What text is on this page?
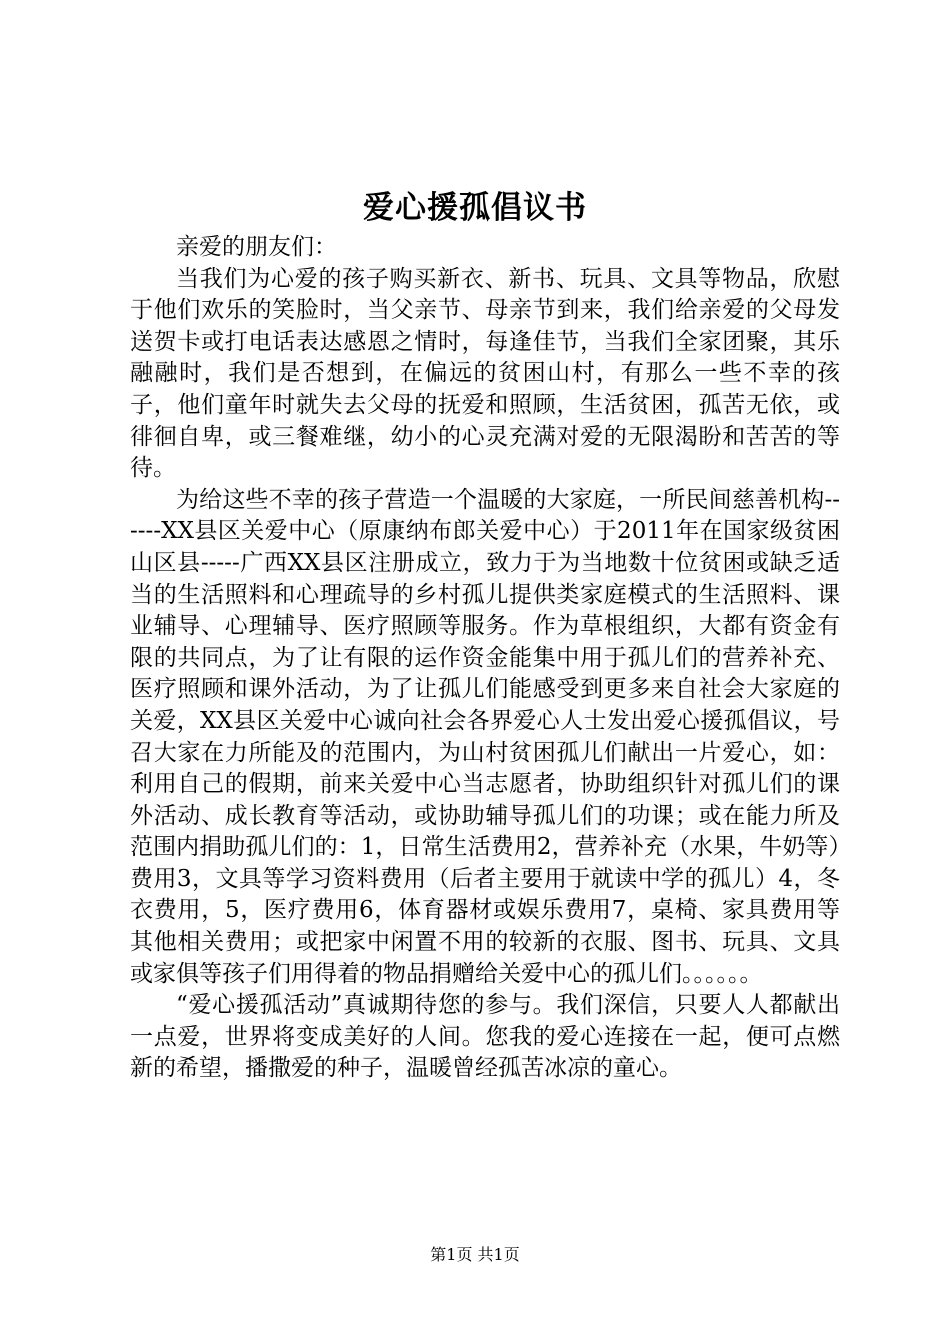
爱心援孤倡议书

亲爱的朋友们：

当我们为心爱的孩子购买新衣、新书、玩具、文具等物品，欣慰于他们欢乐的笑脸时，当父亲节、母亲节到来，我们给亲爱的父母发送贺卡或打电话表达感恩之情时，每逢佳节，当我们全家团聚，其乐融融时，我们是否想到，在偏远的贫困山村，有那么一些不幸的孩子，他们童年时就失去父母的抚爱和照顾，生活贫困，孤苦无依，或徘徊自卑，或三餐难继，幼小的心灵充满对爱的无限渴盼和苦苦的等待。

为给这些不幸的孩子营造一个温暖的大家庭，一所民间慈善机构------XX县区关爱中心（原康纳布郎关爱中心）于2011年在国家级贫困山区县-----广西XX县区注册成立，致力于为当地数十位贫困或缺乏适当的生活照料和心理疏导的乡村孤儿提供类家庭模式的生活照料、课业辅导、心理辅导、医疗照顾等服务。作为草根组织，大都有资金有限的共同点，为了让有限的运作资金能集中用于孤儿们的营养补充、医疗照顾和课外活动，为了让孤儿们能感受到更多来自社会大家庭的关爱，XX县区关爱中心诚向社会各界爱心人士发出爱心援孤倡议，号召大家在力所能及的范围内，为山村贫困孤儿们献出一片爱心，如：利用自己的假期，前来关爱中心当志愿者，协助组织针对孤儿们的课外活动、成长教育等活动，或协助辅导孤儿们的功课；或在能力所及范围内捐助孤儿们的：1，日常生活费用2，营养补充（水果，牛奶等）费用3，文具等学习资料费用（后者主要用于就读中学的孤儿）4，冬衣费用，5，医疗费用6，体育器材或娱乐费用7，桌椅、家具费用等其他相关费用；或把家中闲置不用的较新的衣服、图书、玩具、文具或家俱等孩子们用得着的物品捐赠给关爱中心的孤儿们。。。。。。

“爱心援孤活动”真诚期待您的参与。我们深信，只要人人都献出一点爱，世界将变成美好的人间。您我的爱心连接在一起，便可点燃新的希望，播撒爱的种子，温暖曾经孤苦冰凉的童心。

第1页 共1页
